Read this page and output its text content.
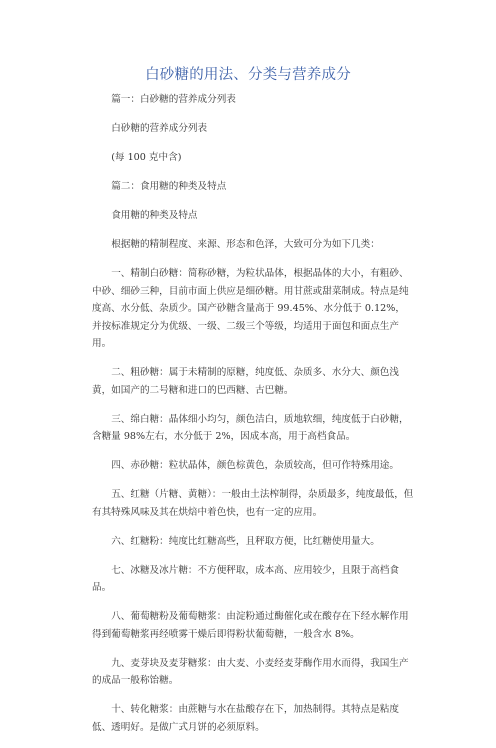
白砂糖的用法、分类与营养成分

篇一：白砂糖的营养成分列表

白砂糖的营养成分列表

(每 100 克中含)

篇二：食用糖的种类及特点

食用糖的种类及特点

根据糖的精制程度、来源、形态和色泽，大致可分为如下几类：

一、精制白砂糖：简称砂糖，为粒状晶体，根据晶体的大小，有粗砂、中砂、细砂三种，目前市面上供应是细砂糖。用甘蔗或甜菜制成。特点是纯度高、水分低、杂质少。国产砂糖含量高于 99.45%、水分低于 0.12%，并按标准规定分为优级、一级、二级三个等级，均适用于面包和面点生产用。

二、粗砂糖：属于未精制的原糖，纯度低、杂质多、水分大、颜色浅黄，如国产的二号糖和进口的巴西糖、古巴糖。

三、绵白糖：晶体细小均匀，颜色洁白，质地软细，纯度低于白砂糖，含糖量 98%左右，水分低于 2%，因成本高，用于高档食品。

四、赤砂糖：粒状晶体，颜色棕黄色，杂质较高，但可作特殊用途。

五、红糖（片糖、黄糖）：一般由土法榨制得，杂质最多，纯度最低，但有其特殊风味及其在烘焙中着色快，也有一定的应用。

六、红糖粉：纯度比红糖高些，且秤取方便，比红糖使用量大。

七、冰糖及冰片糖：不方便秤取，成本高、应用较少，且限于高档食品。

八、葡萄糖粉及葡萄糖浆：由淀粉通过酶催化或在酸存在下经水解作用得到葡萄糖浆再经喷雾干燥后即得粉状葡萄糖，一般含水 8%。

九、麦芽块及麦芽糖浆：由大麦、小麦经麦芽酶作用水而得，我国生产的成品一般称饴糖。

十、转化糖浆：由蔗糖与水在盐酸存在下，加热制得。其特点是粘度低、透明好。是做广式月饼的必须原料。
